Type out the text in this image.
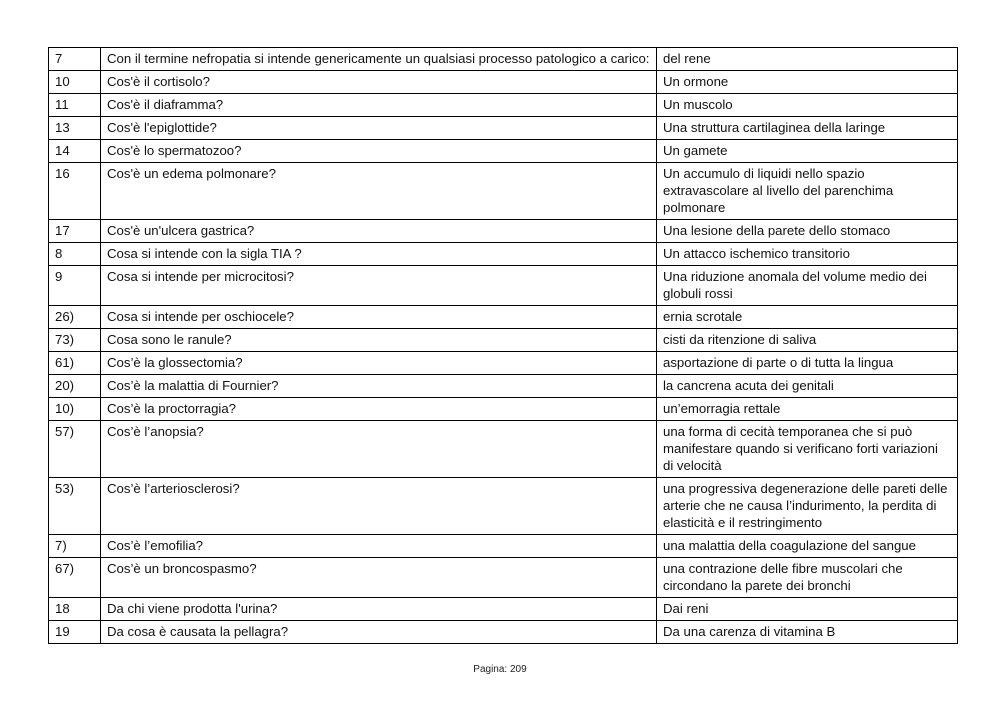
7	Con il termine nefropatia si intende genericamente un qualsiasi processo patologico a carico:	del rene
10	Cos'è il cortisolo?	Un ormone
11	Cos'è il diaframma?	Un muscolo
13	Cos'è l'epiglottide?	Una struttura cartilaginea della laringe
14	Cos'è lo spermatozoo?	Un gamete
16	Cos'è un edema polmonare?	Un accumulo di liquidi nello spazio extravascolare al livello del parenchima polmonare
17	Cos'è un'ulcera gastrica?	Una lesione della parete dello stomaco
8	Cosa si intende con la sigla TIA ?	Un attacco ischemico transitorio
9	Cosa si intende per microcitosi?	Una riduzione anomala del volume medio dei globuli rossi
26)	Cosa si intende per oschiocele?	ernia scrotale
73)	Cosa sono le ranule?	cisti da ritenzione di saliva
61)	Cos’è la glossectomia?	asportazione di parte o di tutta la lingua
20)	Cos’è la malattia di Fournier?	la cancrena acuta dei genitali
10)	Cos’è la proctorragia?	un’emorragia rettale
57)	Cos’è l’anopsia?	una forma di cecità temporanea che si può manifestare quando si verificano forti variazioni di velocità
53)	Cos’è l’arteriosclerosi?	una progressiva degenerazione delle pareti delle arterie che ne causa l’indurimento, la perdita di elasticità e il restringimento
7)	Cos’è l’emofilia?	una malattia della coagulazione del sangue
67)	Cos’è un broncospasmo?	una contrazione delle fibre muscolari che circondano la parete dei bronchi
18	Da chi viene prodotta l'urina?	Dai reni
19	Da cosa è causata la pellagra?	Da una carenza di vitamina B
Pagina: 209
